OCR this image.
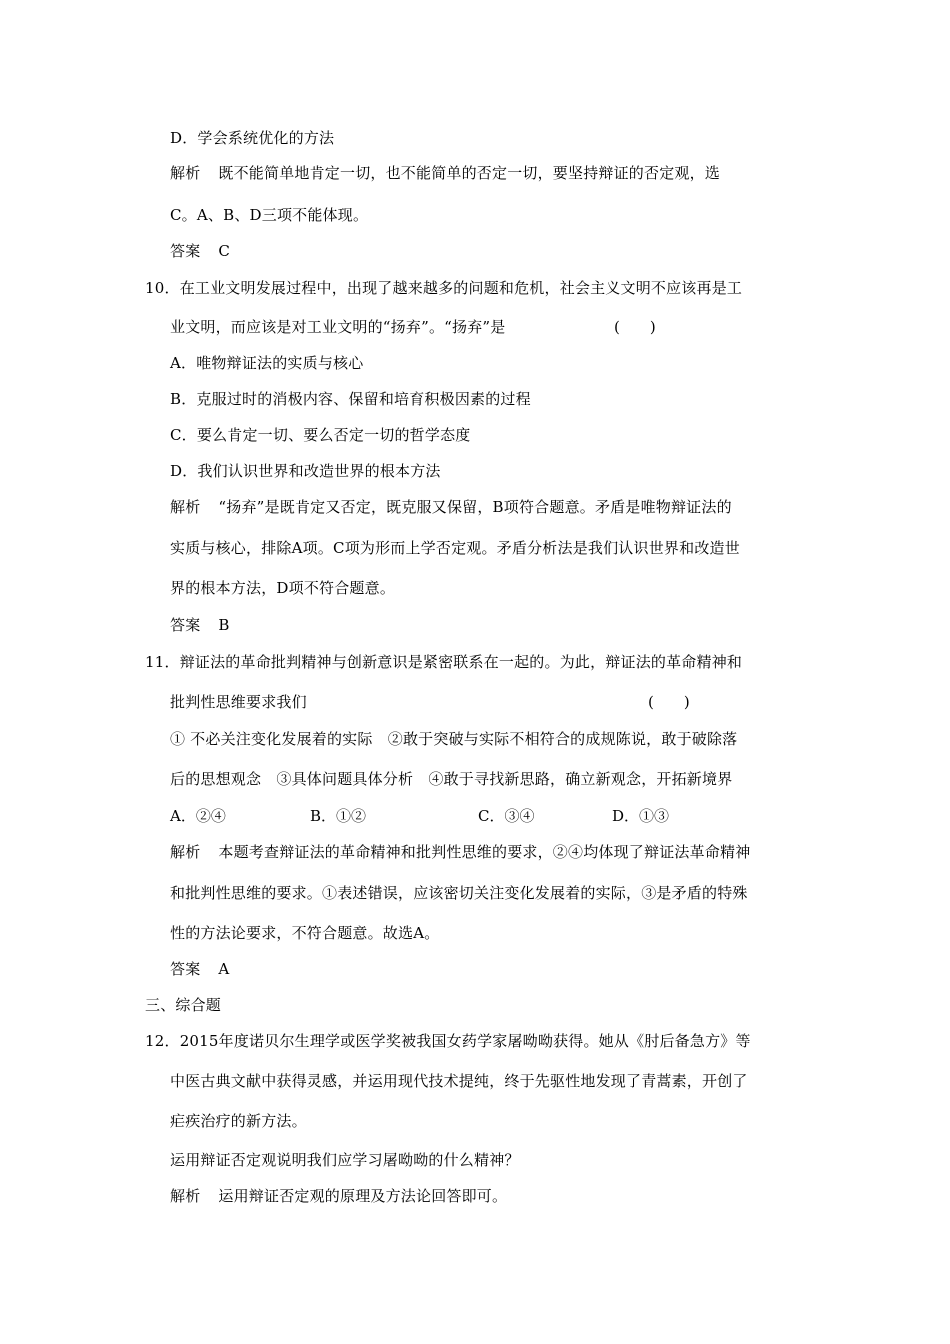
D．学会系统优化的方法
解析 既不能简单地肯定一切，也不能简单的否定一切，要坚持辩证的否定观，选
C。A、B、D三项不能体现。
答案 C
10．在工业文明发展过程中，出现了越来越多的问题和危机，社会主义文明不应该再是工
业文明，而应该是对工业文明的“扬弃”。“扬弃”是	(　　)
A．唯物辩证法的实质与核心
B．克服过时的消极内容、保留和培育积极因素的过程
C．要么肯定一切、要么否定一切的哲学态度
D．我们认识世界和改造世界的根本方法
解析 “扬弃”是既肯定又否定，既克服又保留，B项符合题意。矛盾是唯物辩证法的
实质与核心，排除A项。C项为形而上学否定观。矛盾分析法是我们认识世界和改造世
界的根本方法，D项不符合题意。
答案 B
11．辩证法的革命批判精神与创新意识是紧密联系在一起的。为此，辩证法的革命精神和
批判性思维要求我们	(　　)
① 不必关注变化发展着的实际　②敢于突破与实际不相符合的成规陈说，敢于破除落
后的思想观念　③具体问题具体分析　④敢于寻找新思路，确立新观念，开拓新境界
A．②④	B．①②	C．③④	D．①③
解析 本题考查辩证法的革命精神和批判性思维的要求，②④均体现了辩证法革命精神
和批判性思维的要求。①表述错误，应该密切关注变化发展着的实际，③是矛盾的特殊
性的方法论要求，不符合题意。故选A。
答案 A
三、综合题
12．2015年度诺贝尔生理学或医学奖被我国女药学家屠呦呦获得。她从《肘后备急方》等
中医古典文献中获得灵感，并运用现代技术提纯，终于先驱性地发现了青蒿素，开创了
疟疾治疗的新方法。
运用辩证否定观说明我们应学习屠呦呦的什么精神？
解析 运用辩证否定观的原理及方法论回答即可。
